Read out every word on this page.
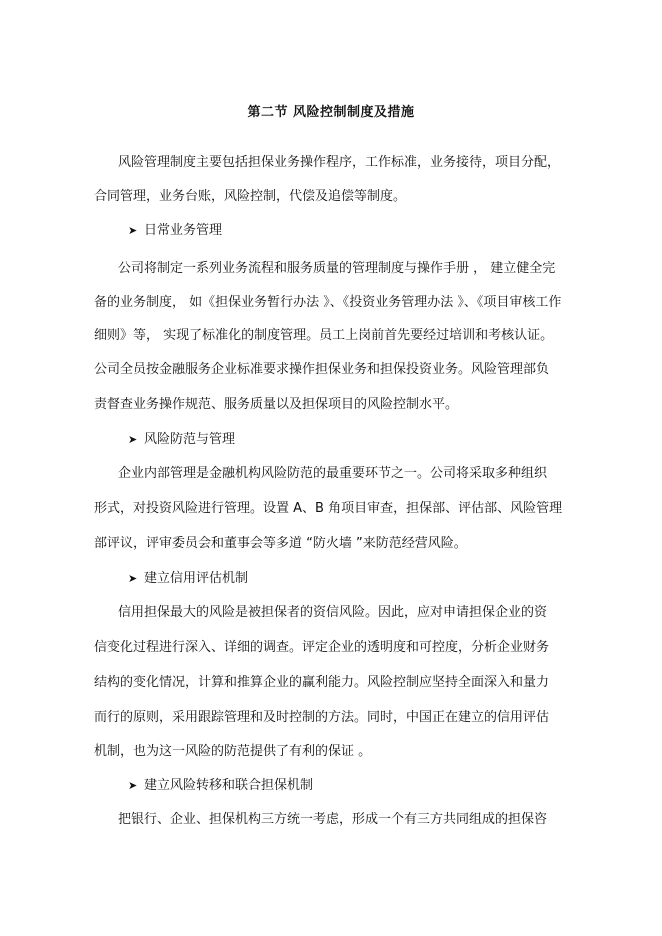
第二节 风险控制制度及措施
风险管理制度主要包括担保业务操作程序，工作标准，业务接待，项目分配，
合同管理，业务台账，风险控制，代偿及追偿等制度。
➤ 日常业务管理
公司将制定一系列业务流程和服务质量的管理制度与操作手册 ， 建立健全完
备的业务制度， 如《担保业务暂行办法 》、《投资业务管理办法 》、《项目审核工作
细则》等， 实现了标准化的制度管理。员工上岗前首先要经过培训和考核认证。
公司全员按金融服务企业标准要求操作担保业务和担保投资业务。风险管理部负
责督查业务操作规范、服务质量以及担保项目的风险控制水平。
➤ 风险防范与管理
企业内部管理是金融机构风险防范的最重要环节之一。公司将采取多种组织
形式，对投资风险进行管理。设置 A、B 角项目审查，担保部、评估部、风险管理
部评议，评审委员会和董事会等多道 “防火墙 ”来防范经营风险。
➤ 建立信用评估机制
信用担保最大的风险是被担保者的资信风险。因此，应对申请担保企业的资
信变化过程进行深入、详细的调查。评定企业的透明度和可控度，分析企业财务
结构的变化情况，计算和推算企业的赢利能力。风险控制应坚持全面深入和量力
而行的原则，采用跟踪管理和及时控制的方法。同时，中国正在建立的信用评估
机制，也为这一风险的防范提供了有利的保证 。
➤ 建立风险转移和联合担保机制
把银行、企业、担保机构三方统一考虑，形成一个有三方共同组成的担保咨
